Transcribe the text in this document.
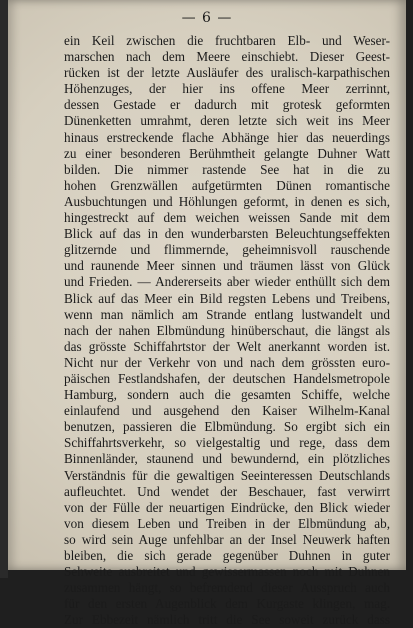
— 6 —
ein Keil zwischen die fruchtbaren Elb- und Weser-
marschen nach dem Meere einschiebt. Dieser Geest-
rücken ist der letzte Ausläufer des uralisch-karpathischen
Höhenzuges, der hier ins offene Meer zerrinnt,
dessen Gestade er dadurch mit grotesk geformten
Dünenketten umrahmt, deren letzte sich weit ins Meer
hinaus erstreckende flache Abhänge hier das neuerdings
zu einer besonderen Berühmtheit gelangte Duhner Watt
bilden. Die nimmer rastende See hat in die zu
hohen Grenzwällen aufgetürmten Dünen romantische
Ausbuchtungen und Höhlungen geformt, in denen es sich,
hingestreckt auf dem weichen weissen Sande mit dem
Blick auf das in den wunderbarsten Beleuchtungseffekten
glitzernde und flimmernde, geheimnisvoll rauschende
und raunende Meer sinnen und träumen lässt von Glück
und Frieden. — Andererseits aber wieder enthüllt sich dem
Blick auf das Meer ein Bild regsten Lebens und Treibens,
wenn man nämlich am Strande entlang lustwandelt und
nach der nahen Elbmündung hinüberschaut, die längst als
das grösste Schiffahrtstor der Welt anerkannt worden ist.
Nicht nur der Verkehr von und nach dem grössten euro-
päischen Festlandshafen, der deutschen Handelsmetropole
Hamburg, sondern auch die gesamten Schiffe, welche
einlaufend und ausgehend den Kaiser Wilhelm-Kanal
benutzen, passieren die Elbmündung. So ergibt sich ein
Schiffahrtsverkehr, so vielgestaltig und rege, dass dem
Binnenländer, staunend und bewundernd, ein plötzliches
Verständnis für die gewaltigen Seeinteressen Deutschlands
aufleuchtet. Und wendet der Beschauer, fast verwirrt
von der Fülle der neuartigen Eindrücke, den Blick wieder
von diesem Leben und Treiben in der Elbmündung ab,
so wird sein Auge unfehlbar an der Insel Neuwerk haften
bleiben, die sich gerade gegenüber Duhnen in guter
Sehweite ausbreitet und gewissermassen noch mit Duhnen
zusammen hängt, so befremdend dieser Ausspruch auch
für den ersten Augenblick dem Kurgaste klingen, mag.
Zur Ebbezeit nämlich tritt die See soweit zurück dass
